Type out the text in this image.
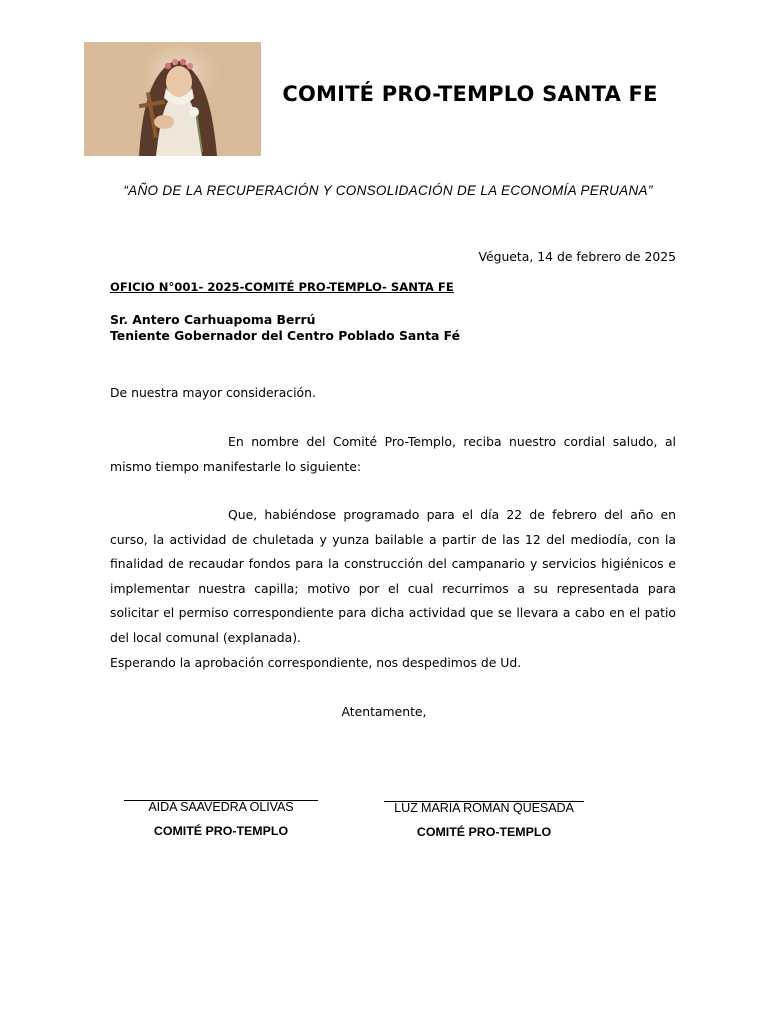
COMITÉ PRO-TEMPLO SANTA FE
“AÑO DE LA RECUPERACIÓN Y CONSOLIDACIÓN DE LA ECONOMÍA PERUANA”
Végueta, 14 de febrero de 2025
OFICIO N°001- 2025-COMITÉ PRO-TEMPLO- SANTA FE
Sr. Antero Carhuapoma Berrú
Teniente Gobernador del Centro Poblado Santa Fé
De nuestra mayor consideración.
En nombre del Comité Pro-Templo, reciba nuestro cordial saludo, al mismo tiempo manifestarle lo siguiente:
Que, habiéndose programado para el día 22 de febrero del año en curso, la actividad de chuletada y yunza bailable a partir de las 12 del mediodía, con la finalidad de recaudar fondos para la construcción del campanario y servicios higiénicos e implementar nuestra capilla; motivo por el cual recurrimos a su representada para solicitar el permiso correspondiente para dicha actividad que se llevara a cabo en el patio del local comunal (explanada).
Esperando la aprobación correspondiente, nos despedimos de Ud.
Atentamente,
AIDA SAAVEDRA OLIVAS
COMITÉ PRO-TEMPLO
LUZ MARIA ROMAN QUESADA
COMITÉ PRO-TEMPLO
